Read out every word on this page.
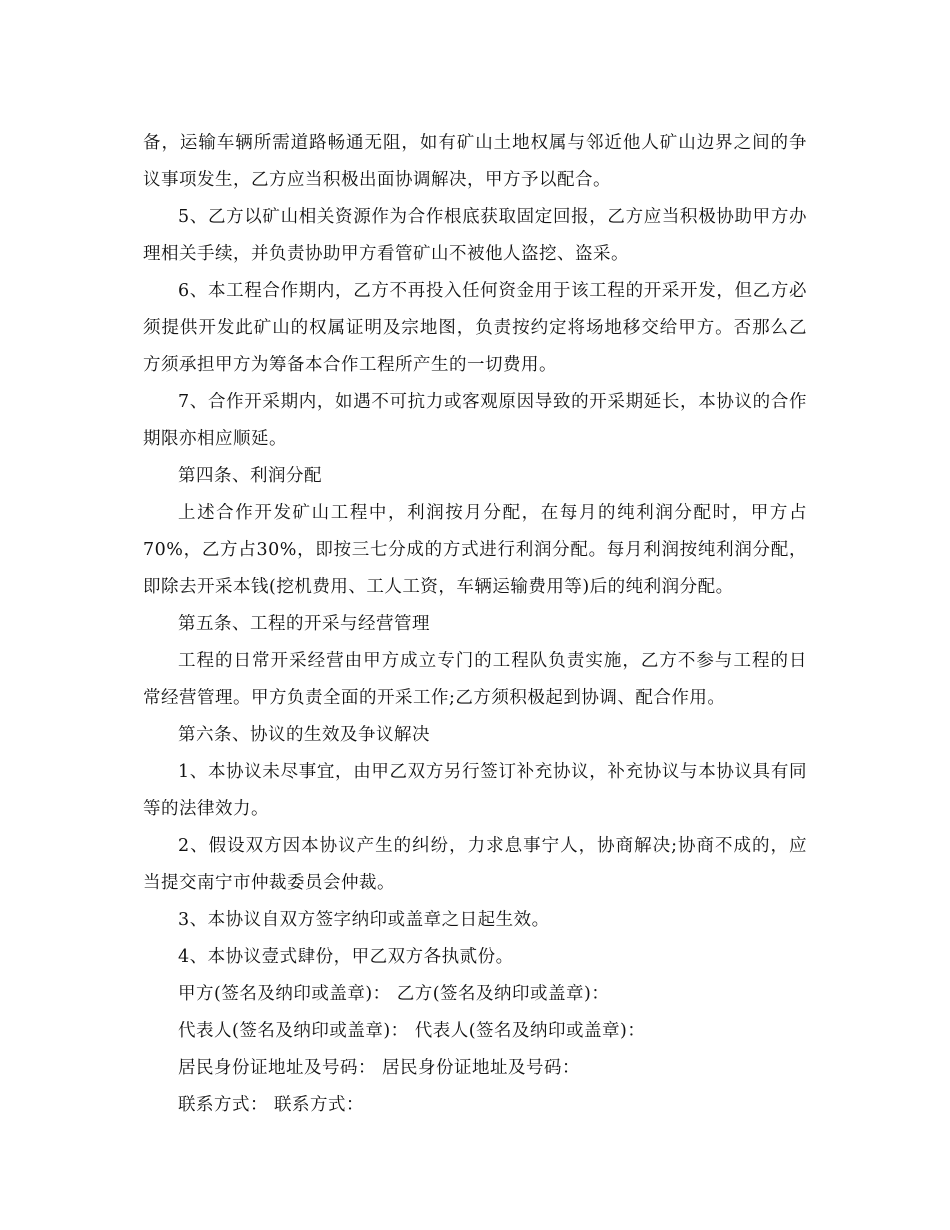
备，运输车辆所需道路畅通无阻，如有矿山土地权属与邻近他人矿山边界之间的争议事项发生，乙方应当积极出面协调解决，甲方予以配合。

5、乙方以矿山相关资源作为合作根底获取固定回报，乙方应当积极协助甲方办理相关手续，并负责协助甲方看管矿山不被他人盗挖、盗采。

6、本工程合作期内，乙方不再投入任何资金用于该工程的开采开发，但乙方必须提供开发此矿山的权属证明及宗地图，负责按约定将场地移交给甲方。否那么乙方须承担甲方为筹备本合作工程所产生的一切费用。

7、合作开采期内，如遇不可抗力或客观原因导致的开采期延长，本协议的合作期限亦相应顺延。

第四条、利润分配

上述合作开发矿山工程中，利润按月分配，在每月的纯利润分配时，甲方占70%，乙方占30%，即按三七分成的方式进行利润分配。每月利润按纯利润分配，即除去开采本钱(挖机费用、工人工资，车辆运输费用等)后的纯利润分配。

第五条、工程的开采与经营管理

工程的日常开采经营由甲方成立专门的工程队负责实施，乙方不参与工程的日常经营管理。甲方负责全面的开采工作;乙方须积极起到协调、配合作用。

第六条、协议的生效及争议解决

1、本协议未尽事宜，由甲乙双方另行签订补充协议，补充协议与本协议具有同等的法律效力。

2、假设双方因本协议产生的纠纷，力求息事宁人，协商解决;协商不成的，应当提交南宁市仲裁委员会仲裁。

3、本协议自双方签字纳印或盖章之日起生效。

4、本协议壹式肆份，甲乙双方各执贰份。

甲方(签名及纳印或盖章)： 乙方(签名及纳印或盖章)：

代表人(签名及纳印或盖章)： 代表人(签名及纳印或盖章)：

居民身份证地址及号码： 居民身份证地址及号码：

联系方式： 联系方式：
